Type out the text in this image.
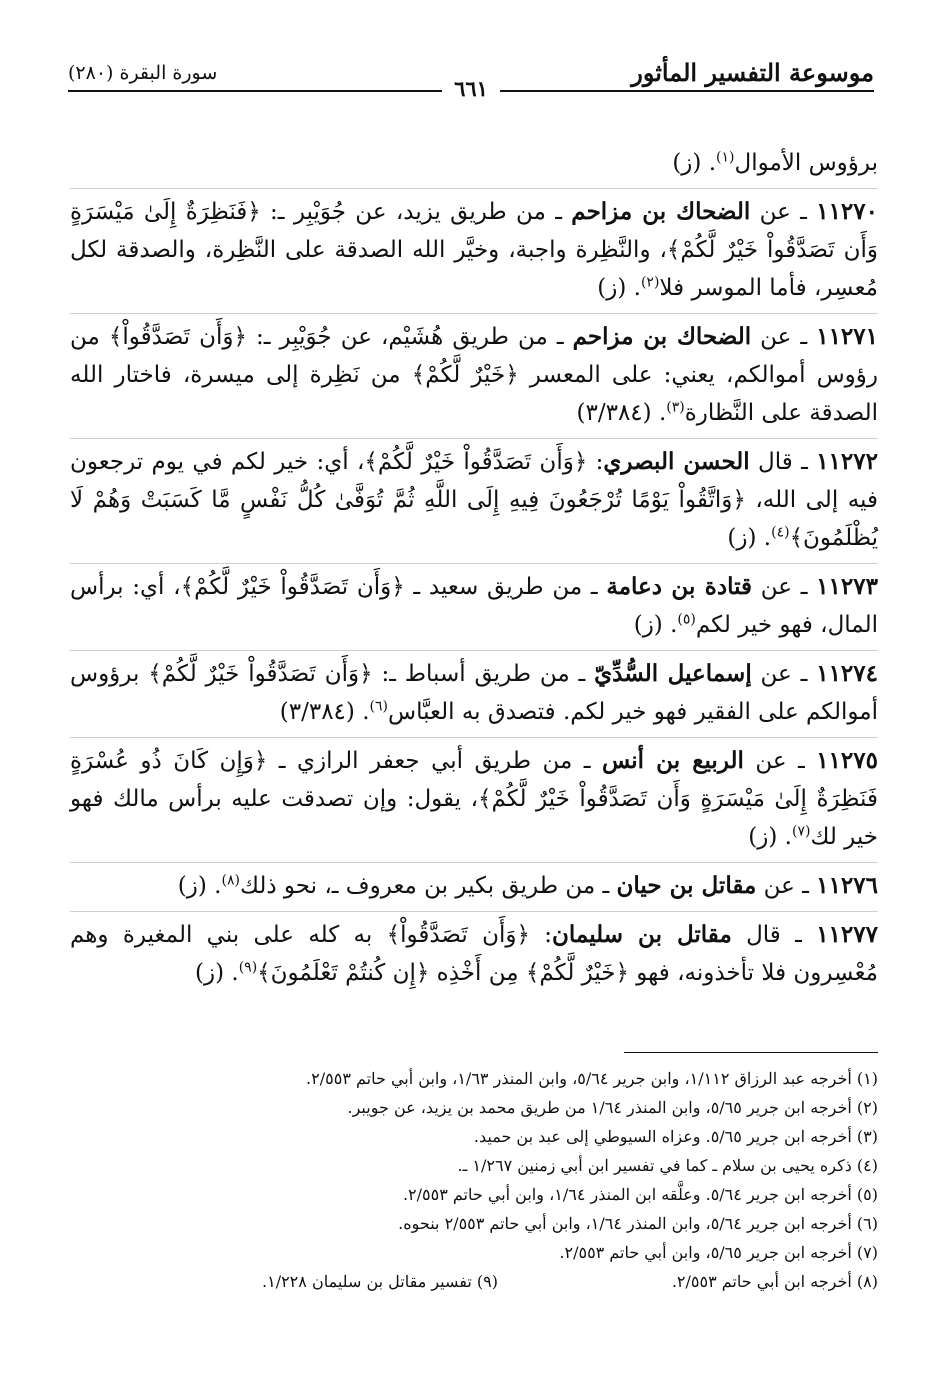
موسوعة التفسير المأثور
٦٦١
سورة البقرة (٢٨٠)

برؤوس الأموال$^{(١)}$. (ز)

١١٢٧٠ ـ عن الضحاك بن مزاحم ـ من طريق يزيد، عن جُوَيْبِر ـ: ﴿فَنَظِرَةٌ إِلَىٰ مَيْسَرَةٍ وَأَن تَصَدَّقُواْ خَيْرٌ لَّكُمْ﴾، والنَّظِرة واجبة، وخيَّر الله الصدقة على النَّظِرة، والصدقة لكل مُعسِر، فأما الموسر فلا$^{(٢)}$. (ز)

١١٢٧١ ـ عن الضحاك بن مزاحم ـ من طريق هُشَيْم، عن جُوَيْبِر ـ: ﴿وَأَن تَصَدَّقُواْ﴾ من رؤوس أموالكم، يعني: على المعسر ﴿خَيْرٌ لَّكُمْ﴾ من نَظِرة إلى ميسرة، فاختار الله الصدقة على النَّظارة$^{(٣)}$. (٣/٣٨٤)

١١٢٧٢ ـ قال الحسن البصري: ﴿وَأَن تَصَدَّقُواْ خَيْرٌ لَّكُمْ﴾، أي: خير لكم في يوم ترجعون فيه إلى الله، ﴿وَاتَّقُواْ يَوْمًا تُرْجَعُونَ فِيهِ إِلَى اللَّهِ ثُمَّ تُوَفَّىٰ كُلُّ نَفْسٍ مَّا كَسَبَتْ وَهُمْ لَا يُظْلَمُونَ﴾$^{(٤)}$. (ز)

١١٢٧٣ ـ عن قتادة بن دعامة ـ من طريق سعيد ـ ﴿وَأَن تَصَدَّقُواْ خَيْرٌ لَّكُمْ﴾، أي: برأس المال، فهو خير لكم$^{(٥)}$. (ز)

١١٢٧٤ ـ عن إسماعيل السُّدِّيّ ـ من طريق أسباط ـ: ﴿وَأَن تَصَدَّقُواْ خَيْرٌ لَّكُمْ﴾ برؤوس أموالكم على الفقير فهو خير لكم. فتصدق به العبَّاس$^{(٦)}$. (٣/٣٨٤)

١١٢٧٥ ـ عن الربيع بن أنس ـ من طريق أبي جعفر الرازي ـ ﴿وَإِن كَانَ ذُو عُسْرَةٍ فَنَظِرَةٌ إِلَىٰ مَيْسَرَةٍ وَأَن تَصَدَّقُواْ خَيْرٌ لَّكُمْ﴾، يقول: وإن تصدقت عليه برأس مالك فهو خير لك$^{(٧)}$. (ز)

١١٢٧٦ ـ عن مقاتل بن حيان ـ من طريق بكير بن معروف ـ، نحو ذلك$^{(٨)}$. (ز)

١١٢٧٧ ـ قال مقاتل بن سليمان: ﴿وَأَن تَصَدَّقُواْ﴾ به كله على بني المغيرة وهم مُعْسِرون فلا تأخذونه، فهو ﴿خَيْرٌ لَّكُمْ﴾ مِن أَخْذِه ﴿إِن كُنتُمْ تَعْلَمُونَ﴾$^{(٩)}$. (ز)

(١) أخرجه عبد الرزاق ١/١١٢، وابن جرير ٥/٦٤، وابن المنذر ١/٦٣، وابن أبي حاتم ٢/٥٥٣.
(٢) أخرجه ابن جرير ٥/٦٥، وابن المنذر ١/٦٤ من طريق محمد بن يزيد، عن جويبر.
(٣) أخرجه ابن جرير ٥/٦٥. وعزاه السيوطي إلى عبد بن حميد.
(٤) ذكره يحيى بن سلام ـ كما في تفسير ابن أبي زمنين ١/٢٦٧ ـ.
(٥) أخرجه ابن جرير ٥/٦٤. وعلَّقه ابن المنذر ١/٦٤، وابن أبي حاتم ٢/٥٥٣.
(٦) أخرجه ابن جرير ٥/٦٤، وابن المنذر ١/٦٤، وابن أبي حاتم ٢/٥٥٣ بنحوه.
(٧) أخرجه ابن جرير ٥/٦٥، وابن أبي حاتم ٢/٥٥٣.
(٨) أخرجه ابن أبي حاتم ٢/٥٥٣.
(٩) تفسير مقاتل بن سليمان ١/٢٢٨.
